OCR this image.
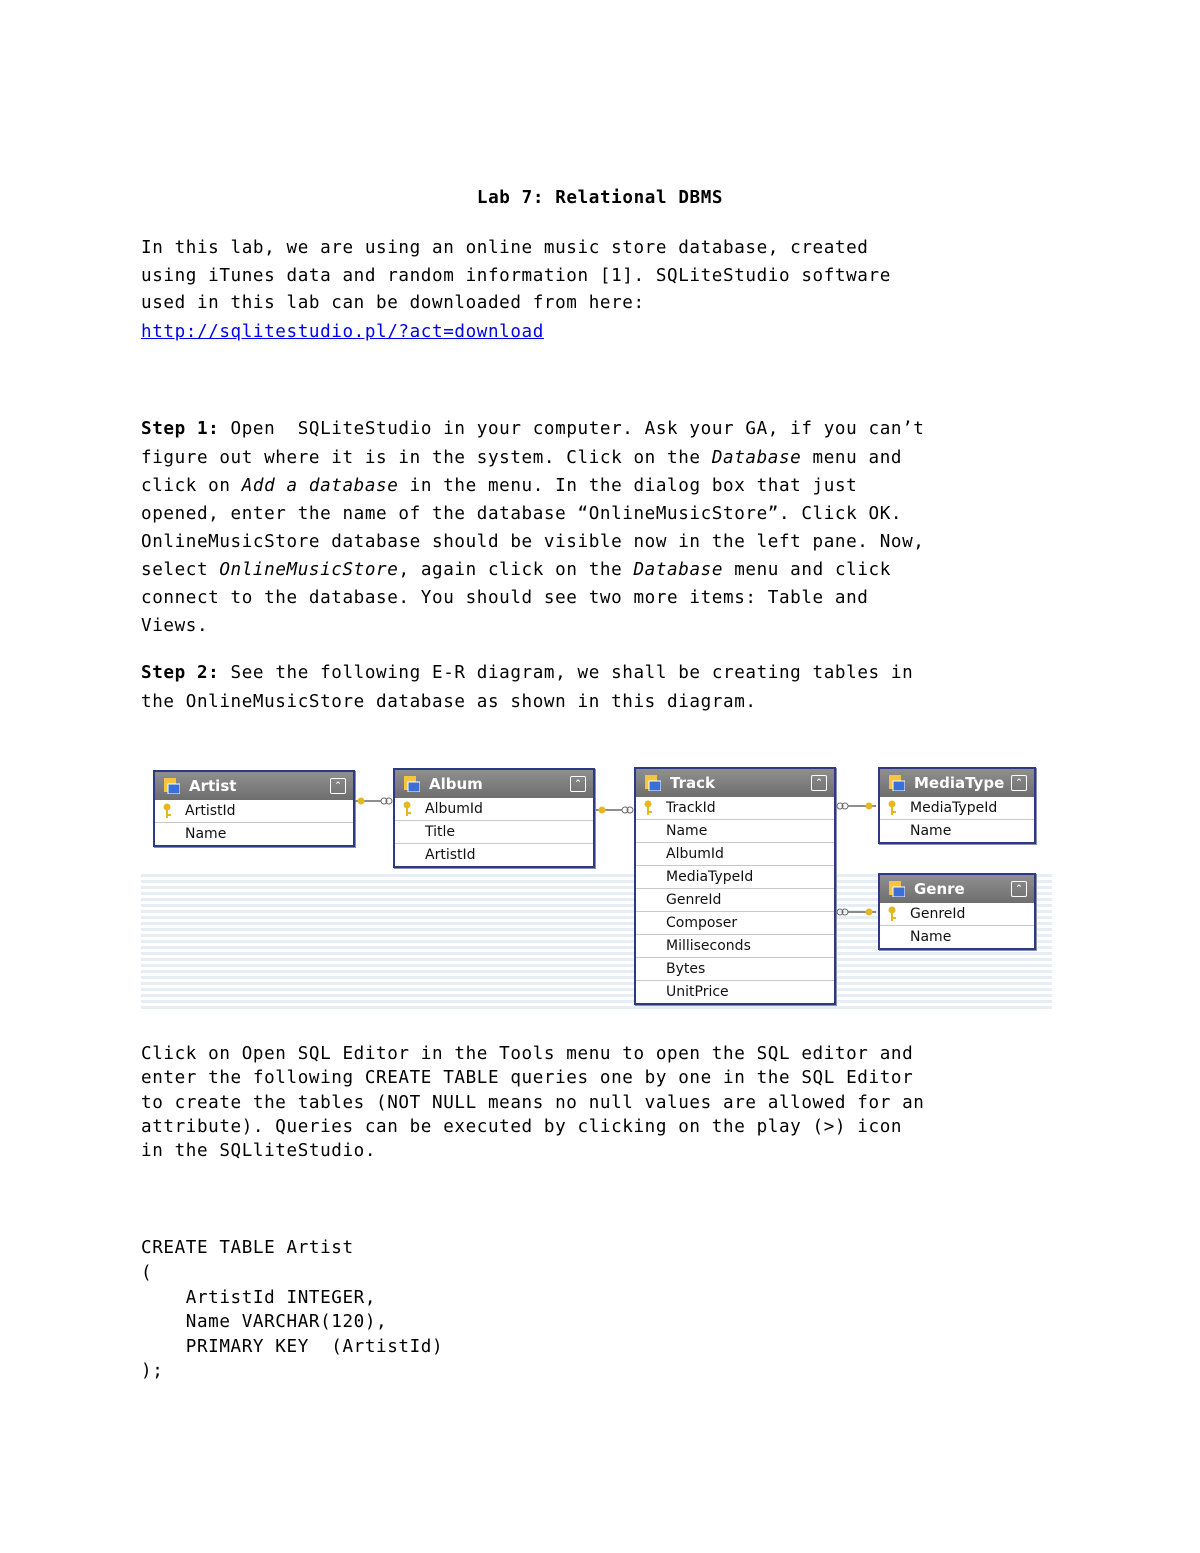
Lab 7: Relational DBMS
In this lab, we are using an online music store database, created
using iTunes data and random information [1]. SQLiteStudio software
used in this lab can be downloaded from here:
http://sqlitestudio.pl/?act=download
Step 1: Open  SQLiteStudio in your computer. Ask your GA, if you can’t
figure out where it is in the system. Click on the Database menu and
click on Add a database in the menu. In the dialog box that just
opened, enter the name of the database “OnlineMusicStore”. Click OK.
OnlineMusicStore database should be visible now in the left pane. Now,
select OnlineMusicStore, again click on the Database menu and click
connect to the database. You should see two more items: Table and
Views.
Step 2: See the following E-R diagram, we shall be creating tables in
the OnlineMusicStore database as shown in this diagram.
Artist	⌃
ArtistId
Name
Album	⌃
AlbumId
Title
ArtistId
Track	⌃
TrackId
Name
AlbumId
MediaTypeId
GenreId
Composer
Milliseconds
Bytes
UnitPrice
MediaType	⌃
MediaTypeId
Name
Genre	⌃
GenreId
Name
Click on Open SQL Editor in the Tools menu to open the SQL editor and
enter the following CREATE TABLE queries one by one in the SQL Editor
to create the tables (NOT NULL means no null values are allowed for an
attribute). Queries can be executed by clicking on the play (>) icon
in the SQLliteStudio.
CREATE TABLE Artist
(
ArtistId INTEGER,
Name VARCHAR(120),
PRIMARY KEY  (ArtistId)
);
